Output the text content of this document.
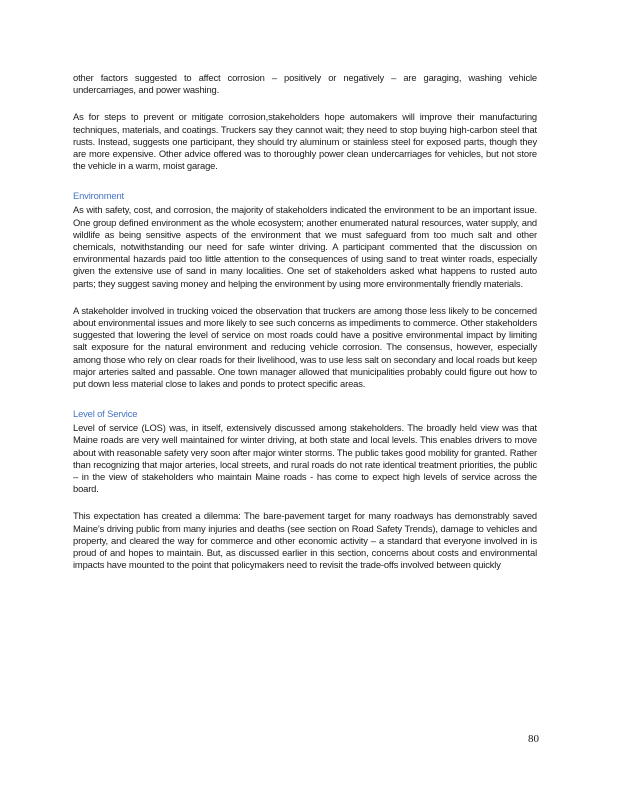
other factors suggested to affect corrosion – positively or negatively – are garaging, washing vehicle undercarriages, and power washing.

As for steps to prevent or mitigate corrosion,stakeholders hope automakers will improve their manufacturing techniques, materials, and coatings. Truckers say they cannot wait; they need to stop buying high-carbon steel that rusts. Instead, suggests one participant, they should try aluminum or stainless steel for exposed parts, though they are more expensive. Other advice offered was to thoroughly power clean undercarriages for vehicles, but not store the vehicle in a warm, moist garage.

Environment

As with safety, cost, and corrosion, the majority of stakeholders indicated the environment to be an important issue. One group defined environment as the whole ecosystem; another enumerated natural resources, water supply, and wildlife as being sensitive aspects of the environment that we must safeguard from too much salt and other chemicals, notwithstanding our need for safe winter driving. A participant commented that the discussion on environmental hazards paid too little attention to the consequences of using sand to treat winter roads, especially given the extensive use of sand in many localities. One set of stakeholders asked what happens to rusted auto parts; they suggest saving money and helping the environment by using more environmentally friendly materials.

A stakeholder involved in trucking voiced the observation that truckers are among those less likely to be concerned about environmental issues and more likely to see such concerns as impediments to commerce. Other stakeholders suggested that lowering the level of service on most roads could have a positive environmental impact by limiting salt exposure for the natural environment and reducing vehicle corrosion. The consensus, however, especially among those who rely on clear roads for their livelihood, was to use less salt on secondary and local roads but keep major arteries salted and passable. One town manager allowed that municipalities probably could figure out how to put down less material close to lakes and ponds to protect specific areas.

Level of Service

Level of service (LOS) was, in itself, extensively discussed among stakeholders. The broadly held view was that Maine roads are very well maintained for winter driving, at both state and local levels. This enables drivers to move about with reasonable safety very soon after major winter storms. The public takes good mobility for granted. Rather than recognizing that major arteries, local streets, and rural roads do not rate identical treatment priorities, the public – in the view of stakeholders who maintain Maine roads - has come to expect high levels of service across the board.

This expectation has created a dilemma: The bare-pavement target for many roadways has demonstrably saved Maine’s driving public from many injuries and deaths (see section on Road Safety Trends), damage to vehicles and property, and cleared the way for commerce and other economic activity – a standard that everyone involved in is proud of and hopes to maintain. But, as discussed earlier in this section, concerns about costs and environmental impacts have mounted to the point that policymakers need to revisit the trade-offs involved between quickly

80
